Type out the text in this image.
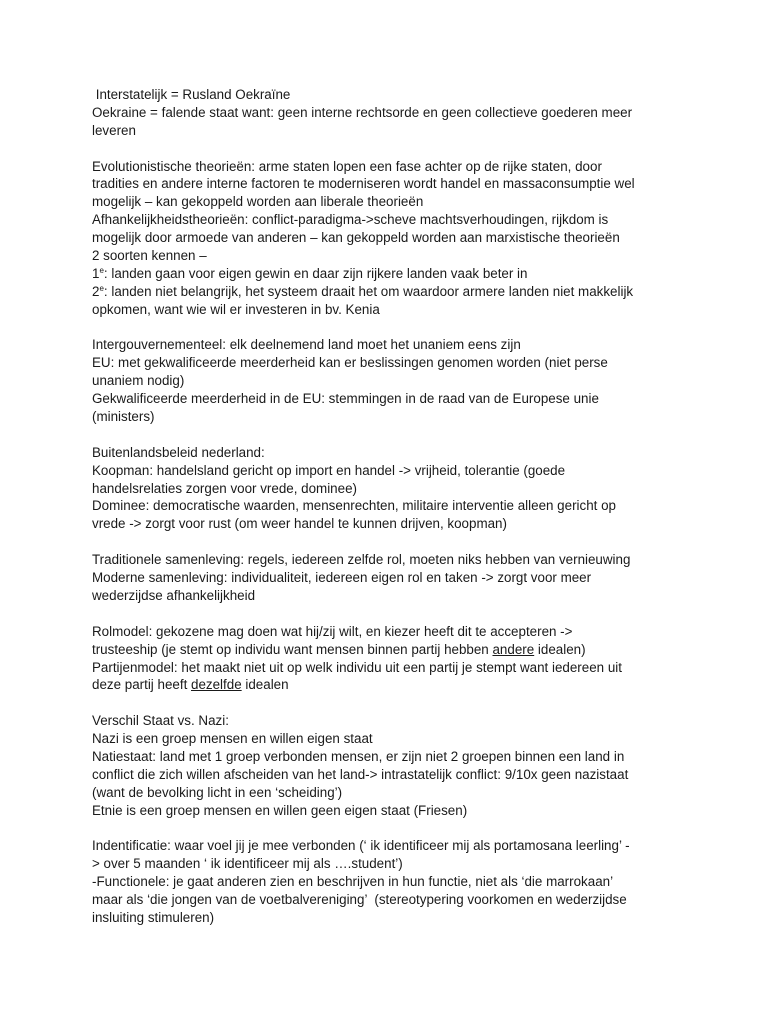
Interstatelijk = Rusland Oekraïne
Oekraine = falende staat want: geen interne rechtsorde en geen collectieve goederen meer
leveren
Evolutionistische theorieën: arme staten lopen een fase achter op de rijke staten, door
tradities en andere interne factoren te moderniseren wordt handel en massaconsumptie wel
mogelijk – kan gekoppeld worden aan liberale theorieën
Afhankelijkheidstheorieën: conflict-paradigma->scheve machtsverhoudingen, rijkdom is
mogelijk door armoede van anderen – kan gekoppeld worden aan marxistische theorieën
2 soorten kennen –
1e: landen gaan voor eigen gewin en daar zijn rijkere landen vaak beter in
2e: landen niet belangrijk, het systeem draait het om waardoor armere landen niet makkelijk
opkomen, want wie wil er investeren in bv. Kenia
Intergouvernementeel: elk deelnemend land moet het unaniem eens zijn
EU: met gekwalificeerde meerderheid kan er beslissingen genomen worden (niet perse
unaniem nodig)
Gekwalificeerde meerderheid in de EU: stemmingen in de raad van de Europese unie
(ministers)
Buitenlandsbeleid nederland:
Koopman: handelsland gericht op import en handel -> vrijheid, tolerantie (goede
handelsrelaties zorgen voor vrede, dominee)
Dominee: democratische waarden, mensenrechten, militaire interventie alleen gericht op
vrede -> zorgt voor rust (om weer handel te kunnen drijven, koopman)
Traditionele samenleving: regels, iedereen zelfde rol, moeten niks hebben van vernieuwing
Moderne samenleving: individualiteit, iedereen eigen rol en taken -> zorgt voor meer
wederzijdse afhankelijkheid
Rolmodel: gekozene mag doen wat hij/zij wilt, en kiezer heeft dit te accepteren ->
trusteeship (je stemt op individu want mensen binnen partij hebben andere idealen)
Partijenmodel: het maakt niet uit op welk individu uit een partij je stempt want iedereen uit
deze partij heeft dezelfde idealen
Verschil Staat vs. Nazi:
Nazi is een groep mensen en willen eigen staat
Natiestaat: land met 1 groep verbonden mensen, er zijn niet 2 groepen binnen een land in
conflict die zich willen afscheiden van het land-> intrastatelijk conflict: 9/10x geen nazistaat
(want de bevolking licht in een ‘scheiding’)
Etnie is een groep mensen en willen geen eigen staat (Friesen)
Indentificatie: waar voel jij je mee verbonden (‘ ik identificeer mij als portamosana leerling’ -
> over 5 maanden ‘ ik identificeer mij als ….student’)
-Functionele: je gaat anderen zien en beschrijven in hun functie, niet als ‘die marrokaan’
maar als ‘die jongen van de voetbalvereniging’  (stereotypering voorkomen en wederzijdse
insluiting stimuleren)
